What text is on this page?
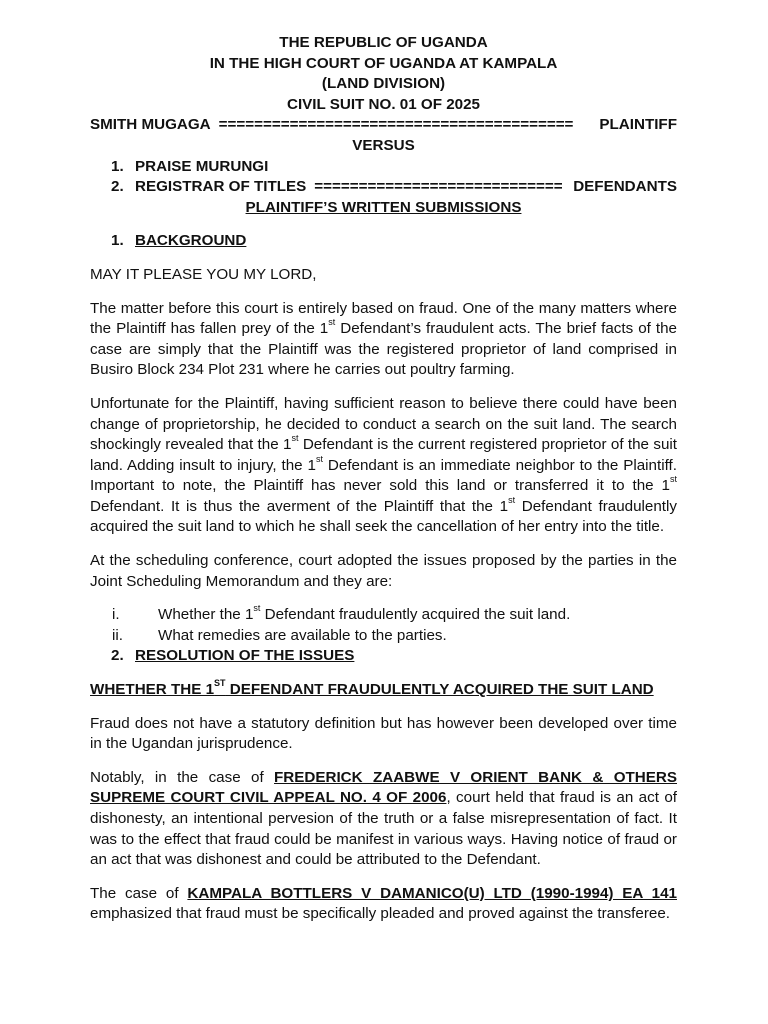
THE REPUBLIC OF UGANDA
IN THE HIGH COURT OF UGANDA AT KAMPALA
(LAND DIVISION)
CIVIL SUIT NO. 01 OF 2025
SMITH MUGAGA ========================================	PLAINTIFF
VERSUS
1. PRAISE MURUNGI
2. REGISTRAR OF TITLES ============================ DEFENDANTS
PLAINTIFF’S WRITTEN SUBMISSIONS
1. BACKGROUND
MAY IT PLEASE YOU MY LORD,
The matter before this court is entirely based on fraud. One of the many matters where the Plaintiff has fallen prey of the 1st Defendant’s fraudulent acts. The brief facts of the case are simply that the Plaintiff was the registered proprietor of land comprised in Busiro Block 234 Plot 231 where he carries out poultry farming.
Unfortunate for the Plaintiff, having sufficient reason to believe there could have been change of proprietorship, he decided to conduct a search on the suit land. The search shockingly revealed that the 1st Defendant is the current registered proprietor of the suit land. Adding insult to injury, the 1st Defendant is an immediate neighbor to the Plaintiff. Important to note, the Plaintiff has never sold this land or transferred it to the 1st Defendant. It is thus the averment of the Plaintiff that the 1st Defendant fraudulently acquired the suit land to which he shall seek the cancellation of her entry into the title.
At the scheduling conference, court adopted the issues proposed by the parties in the Joint Scheduling Memorandum and they are:
i.	Whether the 1st Defendant fraudulently acquired the suit land.
ii.	What remedies are available to the parties.
2. RESOLUTION OF THE ISSUES
WHETHER THE 1ST DEFENDANT FRAUDULENTLY ACQUIRED THE SUIT LAND
Fraud does not have a statutory definition but has however been developed over time in the Ugandan jurisprudence.
Notably, in the case of FREDERICK ZAABWE V ORIENT BANK & OTHERS SUPREME COURT CIVIL APPEAL NO. 4 OF 2006, court held that fraud is an act of dishonesty, an intentional pervesion of the truth or a false misrepresentation of fact. It was to the effect that fraud could be manifest in various ways. Having notice of fraud or an act that was dishonest and could be attributed to the Defendant.
The case of KAMPALA BOTTLERS V DAMANICO(U) LTD (1990-1994) EA 141 emphasized that fraud must be specifically pleaded and proved against the transferee.
